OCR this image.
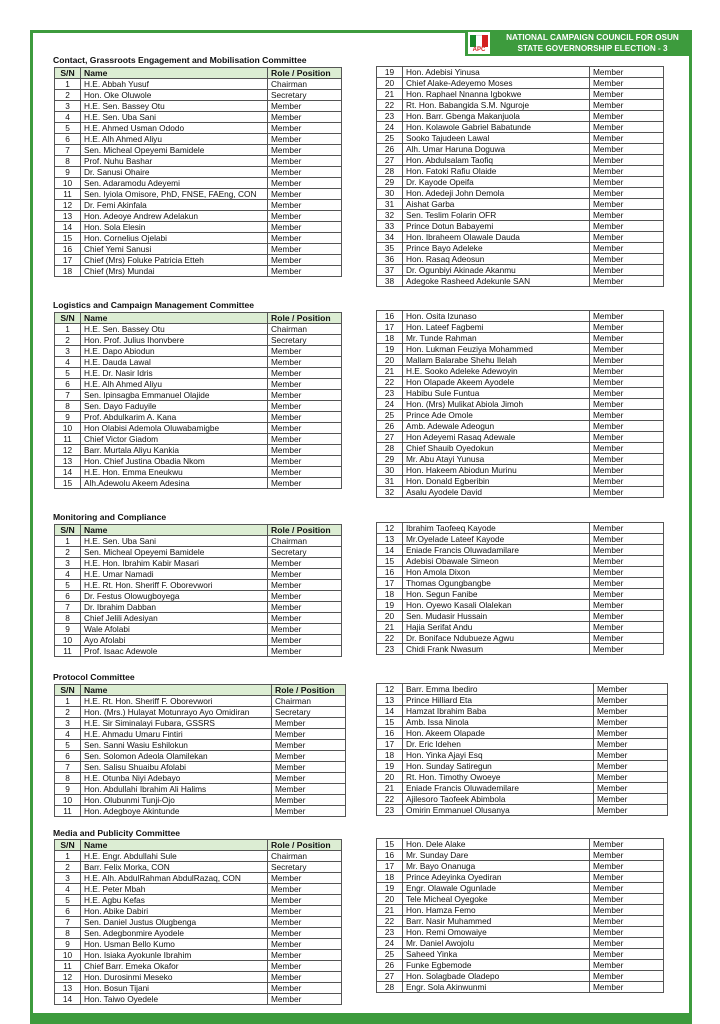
APC
NATIONAL CAMPAIGN COUNCIL FOR OSUN
STATE GOVERNORSHIP ELECTION - 3
Contact, Grassroots Engagement and Mobilisation Committee
S/N	Name	Role / Position
1	H.E. Abbah Yusuf	Chairman
2	Hon. Oke Oluwole	Secretary
3	H.E. Sen. Bassey Otu	Member
4	H.E. Sen. Uba Sani	Member
5	H.E. Ahmed Usman Ododo	Member
6	H.E. Alh Ahmed Aliyu	Member
7	Sen. Micheal Opeyemi Bamidele	Member
8	Prof. Nuhu Bashar	Member
9	Dr. Sanusi Ohaire	Member
10	Sen. Adaramodu Adeyemi	Member
11	Sen. Iyiola Omisore, PhD, FNSE, FAEng, CON	Member
12	Dr. Femi Akinfala	Member
13	Hon. Adeoye Andrew Adelakun	Member
14	Hon. Sola Elesin	Member
15	Hon. Cornelius Ojelabi	Member
16	Chief Yemi Sanusi	Member
17	Chief (Mrs) Foluke Patricia Etteh	Member
18	Chief (Mrs) Mundai	Member
19	Hon. Adebisi Yinusa	Member
20	Chief Alake-Adeyemo Moses	Member
21	Hon. Raphael Nnanna Igbokwe	Member
22	Rt. Hon. Babangida S.M. Nguroje	Member
23	Hon. Barr. Gbenga Makanjuola	Member
24	Hon. Kolawole Gabriel Babatunde	Member
25	Sooko Tajudeen Lawal	Member
26	Alh. Umar Haruna Doguwa	Member
27	Hon. Abdulsalam Taofiq	Member
28	Hon. Fatoki Rafiu Olaide	Member
29	Dr. Kayode Opeifa	Member
30	Hon. Adedeji John Demola	Member
31	Aishat Garba	Member
32	Sen. Teslim Folarin OFR	Member
33	Prince Dotun Babayemi	Member
34	Hon. Ibraheem Olawale Dauda	Member
35	Prince Bayo Adeleke	Member
36	Hon. Rasaq Adeosun	Member
37	Dr. Ogunbiyi Akinade Akanmu	Member
38	Adegoke Rasheed Adekunle SAN	Member
Logistics and Campaign Management Committee
S/N	Name	Role / Position
1	H.E. Sen. Bassey Otu	Chairman
2	Hon. Prof. Julius Ihonvbere	Secretary
3	H.E. Dapo Abiodun	Member
4	H.E. Dauda Lawal	Member
5	H.E. Dr. Nasir Idris	Member
6	H.E. Alh Ahmed Aliyu	Member
7	Sen. Ipinsagba Emmanuel Olajide	Member
8	Sen. Dayo Faduyile	Member
9	Prof. Abdulkarim A. Kana	Member
10	Hon Olabisi Ademola Oluwabamigbe	Member
11	Chief Victor Giadom	Member
12	Barr. Murtala Aliyu Kankia	Member
13	Hon. Chief Justina Obadia Nkom	Member
14	H.E. Hon. Emma Eneukwu	Member
15	Alh.Adewolu Akeem Adesina	Member
16	Hon. Osita Izunaso	Member
17	Hon. Lateef Fagbemi	Member
18	Mr. Tunde Rahman	Member
19	Hon. Lukman Feuziya Mohammed	Member
20	Mallam Balarabe Shehu Ilelah	Member
21	H.E. Sooko Adeleke Adewoyin	Member
22	Hon Olapade Akeem Ayodele	Member
23	Habibu Sule Funtua	Member
24	Hon. (Mrs) Mulikat Abiola Jimoh	Member
25	Prince Ade Omole	Member
26	Amb. Adewale Adeogun	Member
27	Hon Adeyemi Rasaq Adewale	Member
28	Chief Shauib Oyedokun	Member
29	Mr. Abu Atayi Yunusa	Member
30	Hon. Hakeem Abiodun Murinu	Member
31	Hon. Donald Egberibin	Member
32	Asalu Ayodele David	Member
Monitoring and Compliance
S/N	Name	Role / Position
1	H.E. Sen. Uba Sani	Chairman
2	Sen. Micheal Opeyemi Bamidele	Secretary
3	H.E. Hon. Ibrahim Kabir Masari	Member
4	H.E. Umar Namadi	Member
5	H.E. Rt. Hon. Sheriff F. Oborevwori	Member
6	Dr. Festus Olowugboyega	Member
7	Dr. Ibrahim Dabban	Member
8	Chief Jelili Adesiyan	Member
9	Wale Afolabi	Member
10	Ayo Afolabi	Member
11	Prof. Isaac Adewole	Member
12	Ibrahim Taofeeq Kayode	Member
13	Mr.Oyelade Lateef Kayode	Member
14	Eniade Francis Oluwadamilare	Member
15	Adebisi Obawale Simeon	Member
16	Hon Amola Dixon	Member
17	Thomas Ogungbangbe	Member
18	Hon. Segun Fanibe	Member
19	Hon. Oyewo Kasali Olalekan	Member
20	Sen. Mudasir Hussain	Member
21	Hajia Serifat Andu	Member
22	Dr. Boniface Ndubueze Agwu	Member
23	Chidi Frank Nwasum	Member
Protocol Committee
S/N	Name	Role / Position
1	H.E. Rt. Hon. Sheriff F. Oborevwori	Chairman
2	Hon. (Mrs.) Hulayat Motunrayo Ayo Omidiran	Secretary
3	H.E. Sir Siminalayi Fubara, GSSRS	Member
4	H.E. Ahmadu Umaru Fintiri	Member
5	Sen. Sanni Wasiu Eshilokun	Member
6	Sen. Solomon Adeola Olamilekan	Member
7	Sen. Salisu Shuaibu Afolabi	Member
8	H.E. Otunba Niyi Adebayo	Member
9	Hon. Abdullahi Ibrahim Ali Halims	Member
10	Hon. Olubunmi Tunji-Ojo	Member
11	Hon. Adegboye Akintunde	Member
12	Barr. Emma Ibediro	Member
13	Prince Hilliard Eta	Member
14	Hamzat Ibrahim Baba	Member
15	Amb. Issa Ninola	Member
16	Hon. Akeem Olapade	Member
17	Dr. Eric Idehen	Member
18	Hon. Yinka Ajayi Esq	Member
19	Hon. Sunday Satiregun	Member
20	Rt. Hon. Timothy Owoeye	Member
21	Eniade Francis Oluwademilare	Member
22	Ajilesoro Taofeek Abimbola	Member
23	Omirin Emmanuel Olusanya	Member
Media and Publicity Committee
S/N	Name	Role / Position
1	H.E. Engr. Abdullahi Sule	Chairman
2	Barr. Felix Morka, CON	Secretary
3	H.E. Alh. AbdulRahman AbdulRazaq, CON	Member
4	H.E. Peter Mbah	Member
5	H.E. Agbu Kefas	Member
6	Hon. Abike Dabiri	Member
7	Sen. Daniel Justus Olugbenga	Member
8	Sen. Adegbonmire Ayodele	Member
9	Hon. Usman Bello Kumo	Member
10	Hon. Isiaka Ayokunle Ibrahim	Member
11	Chief Barr. Emeka Okafor	Member
12	Hon. Durosinmi Meseko	Member
13	Hon. Bosun Tijani	Member
14	Hon. Taiwo Oyedele	Member
15	Hon. Dele Alake	Member
16	Mr. Sunday Dare	Member
17	Mr. Bayo Onanuga	Member
18	Prince Adeyinka Oyediran	Member
19	Engr. Olawale Ogunlade	Member
20	Tele Micheal Oyegoke	Member
21	Hon. Hamza Femo	Member
22	Barr. Nasir Muhammed	Member
23	Hon. Remi Omowaiye	Member
24	Mr. Daniel Awojolu	Member
25	Saheed Yinka	Member
26	Funke Egbemode	Member
27	Hon. Solagbade Oladepo	Member
28	Engr. Sola Akinwunmi	Member
